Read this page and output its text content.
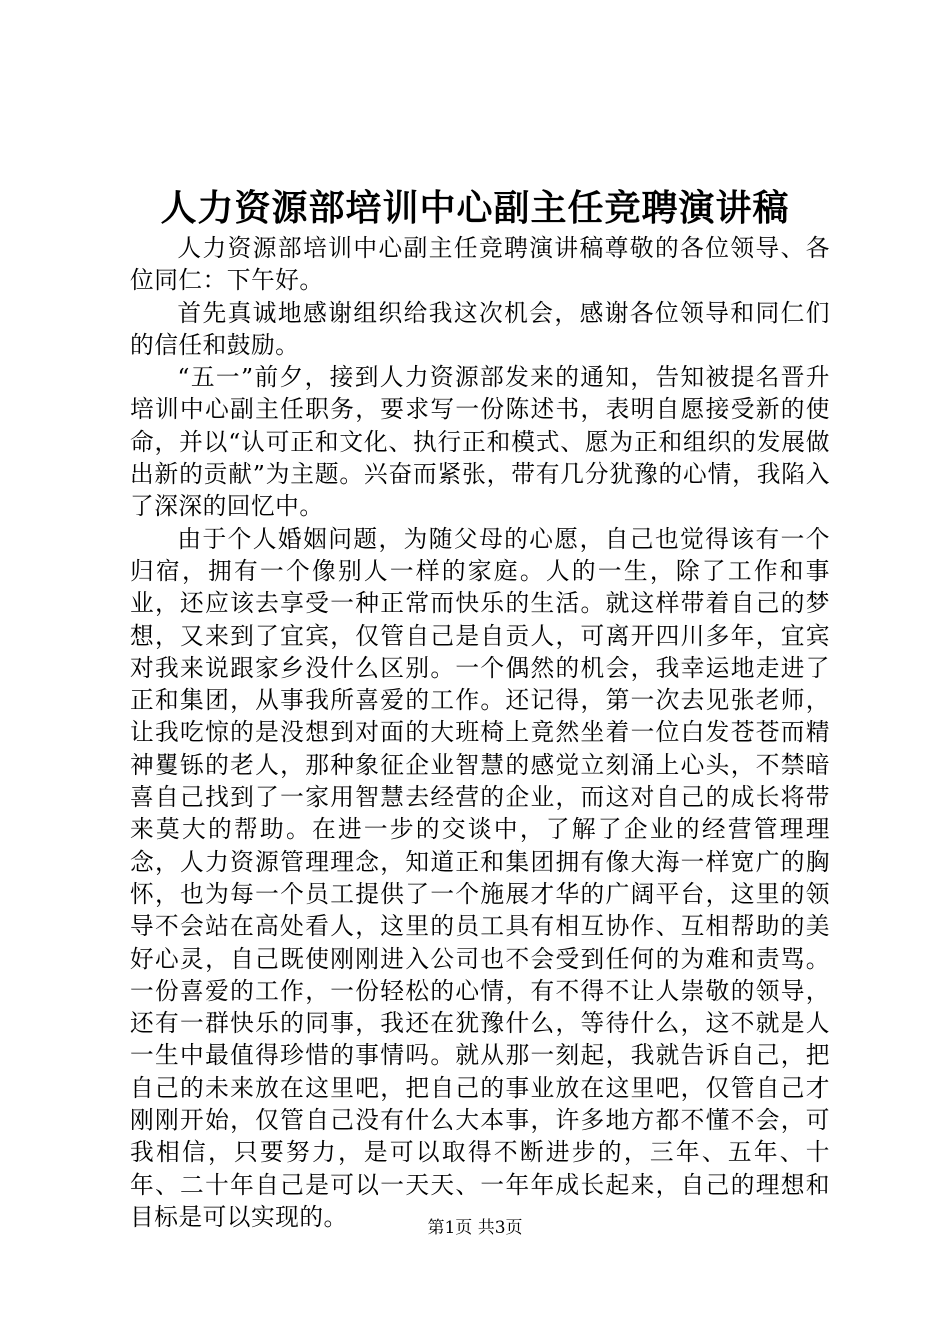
人力资源部培训中心副主任竞聘演讲稿

人力资源部培训中心副主任竞聘演讲稿尊敬的各位领导、各位同仁：下午好。

首先真诚地感谢组织给我这次机会，感谢各位领导和同仁们的信任和鼓励。

“五一”前夕，接到人力资源部发来的通知，告知被提名晋升培训中心副主任职务，要求写一份陈述书，表明自愿接受新的使命，并以“认可正和文化、执行正和模式、愿为正和组织的发展做出新的贡献”为主题。兴奋而紧张，带有几分犹豫的心情，我陷入了深深的回忆中。

由于个人婚姻问题，为随父母的心愿，自己也觉得该有一个归宿，拥有一个像别人一样的家庭。人的一生，除了工作和事业，还应该去享受一种正常而快乐的生活。就这样带着自己的梦想，又来到了宜宾，仅管自己是自贡人，可离开四川多年，宜宾对我来说跟家乡没什么区别。一个偶然的机会，我幸运地走进了正和集团，从事我所喜爱的工作。还记得，第一次去见张老师，让我吃惊的是没想到对面的大班椅上竟然坐着一位白发苍苍而精神矍铄的老人，那种象征企业智慧的感觉立刻涌上心头，不禁暗喜自己找到了一家用智慧去经营的企业，而这对自己的成长将带来莫大的帮助。在进一步的交谈中，了解了企业的经营管理理念，人力资源管理理念，知道正和集团拥有像大海一样宽广的胸怀，也为每一个员工提供了一个施展才华的广阔平台，这里的领导不会站在高处看人，这里的员工具有相互协作、互相帮助的美好心灵，自己既使刚刚进入公司也不会受到任何的为难和责骂。一份喜爱的工作，一份轻松的心情，有不得不让人崇敬的领导，还有一群快乐的同事，我还在犹豫什么，等待什么，这不就是人一生中最值得珍惜的事情吗。就从那一刻起，我就告诉自己，把自己的未来放在这里吧，把自己的事业放在这里吧，仅管自己才刚刚开始，仅管自己没有什么大本事，许多地方都不懂不会，可我相信，只要努力，是可以取得不断进步的，三年、五年、十年、二十年自己是可以一天天、一年年成长起来，自己的理想和目标是可以实现的。	第1页 共3页
